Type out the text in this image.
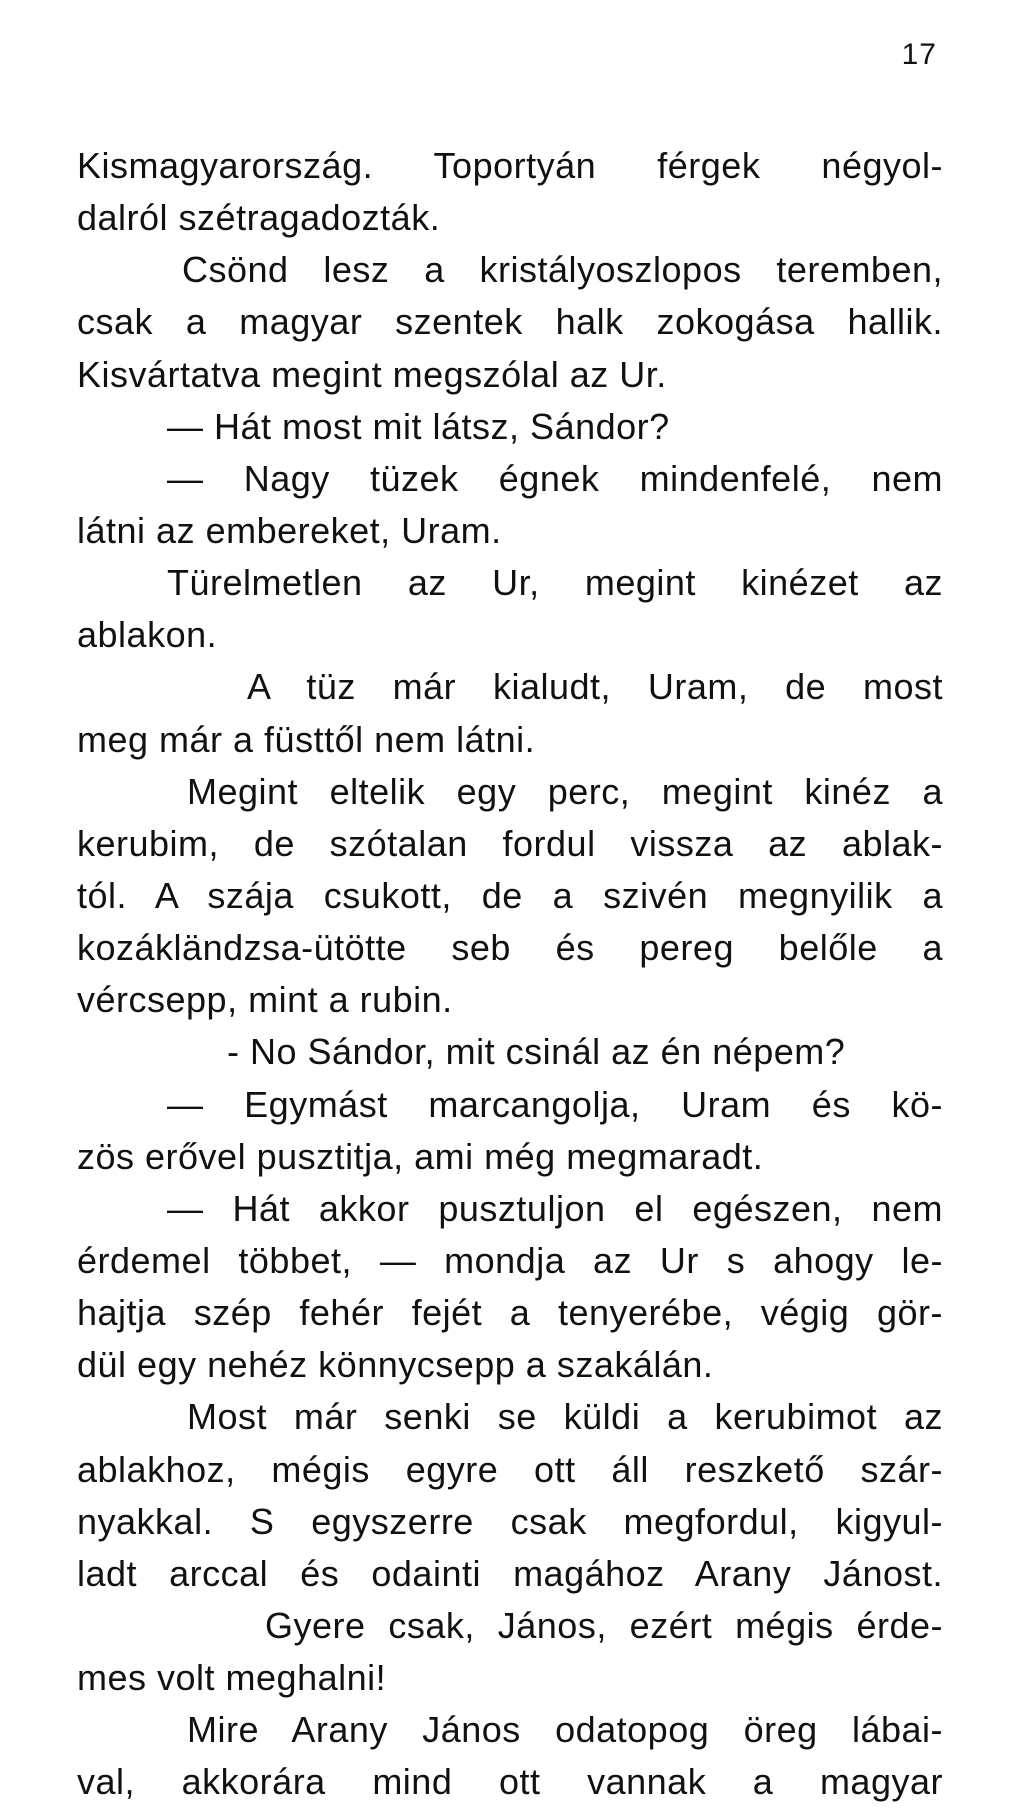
17
Kismagyarország. Toportyán férgek négyol-
dalról szétragadozták.
Csönd lesz a kristályoszlopos teremben,
csak a magyar szentek halk zokogása hallik.
Kisvártatva megint megszólal az Ur.
— Hát most mit látsz, Sándor?
— Nagy tüzek égnek mindenfelé, nem
látni az embereket, Uram.
Türelmetlen az Ur, megint kinézet az
ablakon.
A tüz már kialudt, Uram, de most
meg már a füsttől nem látni.
Megint eltelik egy perc, megint kinéz a
kerubim, de szótalan fordul vissza az ablak-
tól. A szája csukott, de a szivén megnyilik a
kozákländzsa-ütötte seb és pereg belőle a
vércsepp, mint a rubin.
- No Sándor, mit csinál az én népem?
— Egymást marcangolja, Uram és kö-
zös erővel pusztitja, ami még megmaradt.
— Hát akkor pusztuljon el egészen, nem
érdemel többet, — mondja az Ur s ahogy le-
hajtja szép fehér fejét a tenyerébe, végig gör-
dül egy nehéz könnycsepp a szakálán.
Most már senki se küldi a kerubimot az
ablakhoz, mégis egyre ott áll reszkető szár-
nyakkal. S egyszerre csak megfordul, kigyul-
ladt arccal és odainti magához Arany Jánost.
Gyere csak, János, ezért mégis érde-
mes volt meghalni!
Mire Arany János odatopog öreg lábai-
val, akkorára mind ott vannak a magyar
